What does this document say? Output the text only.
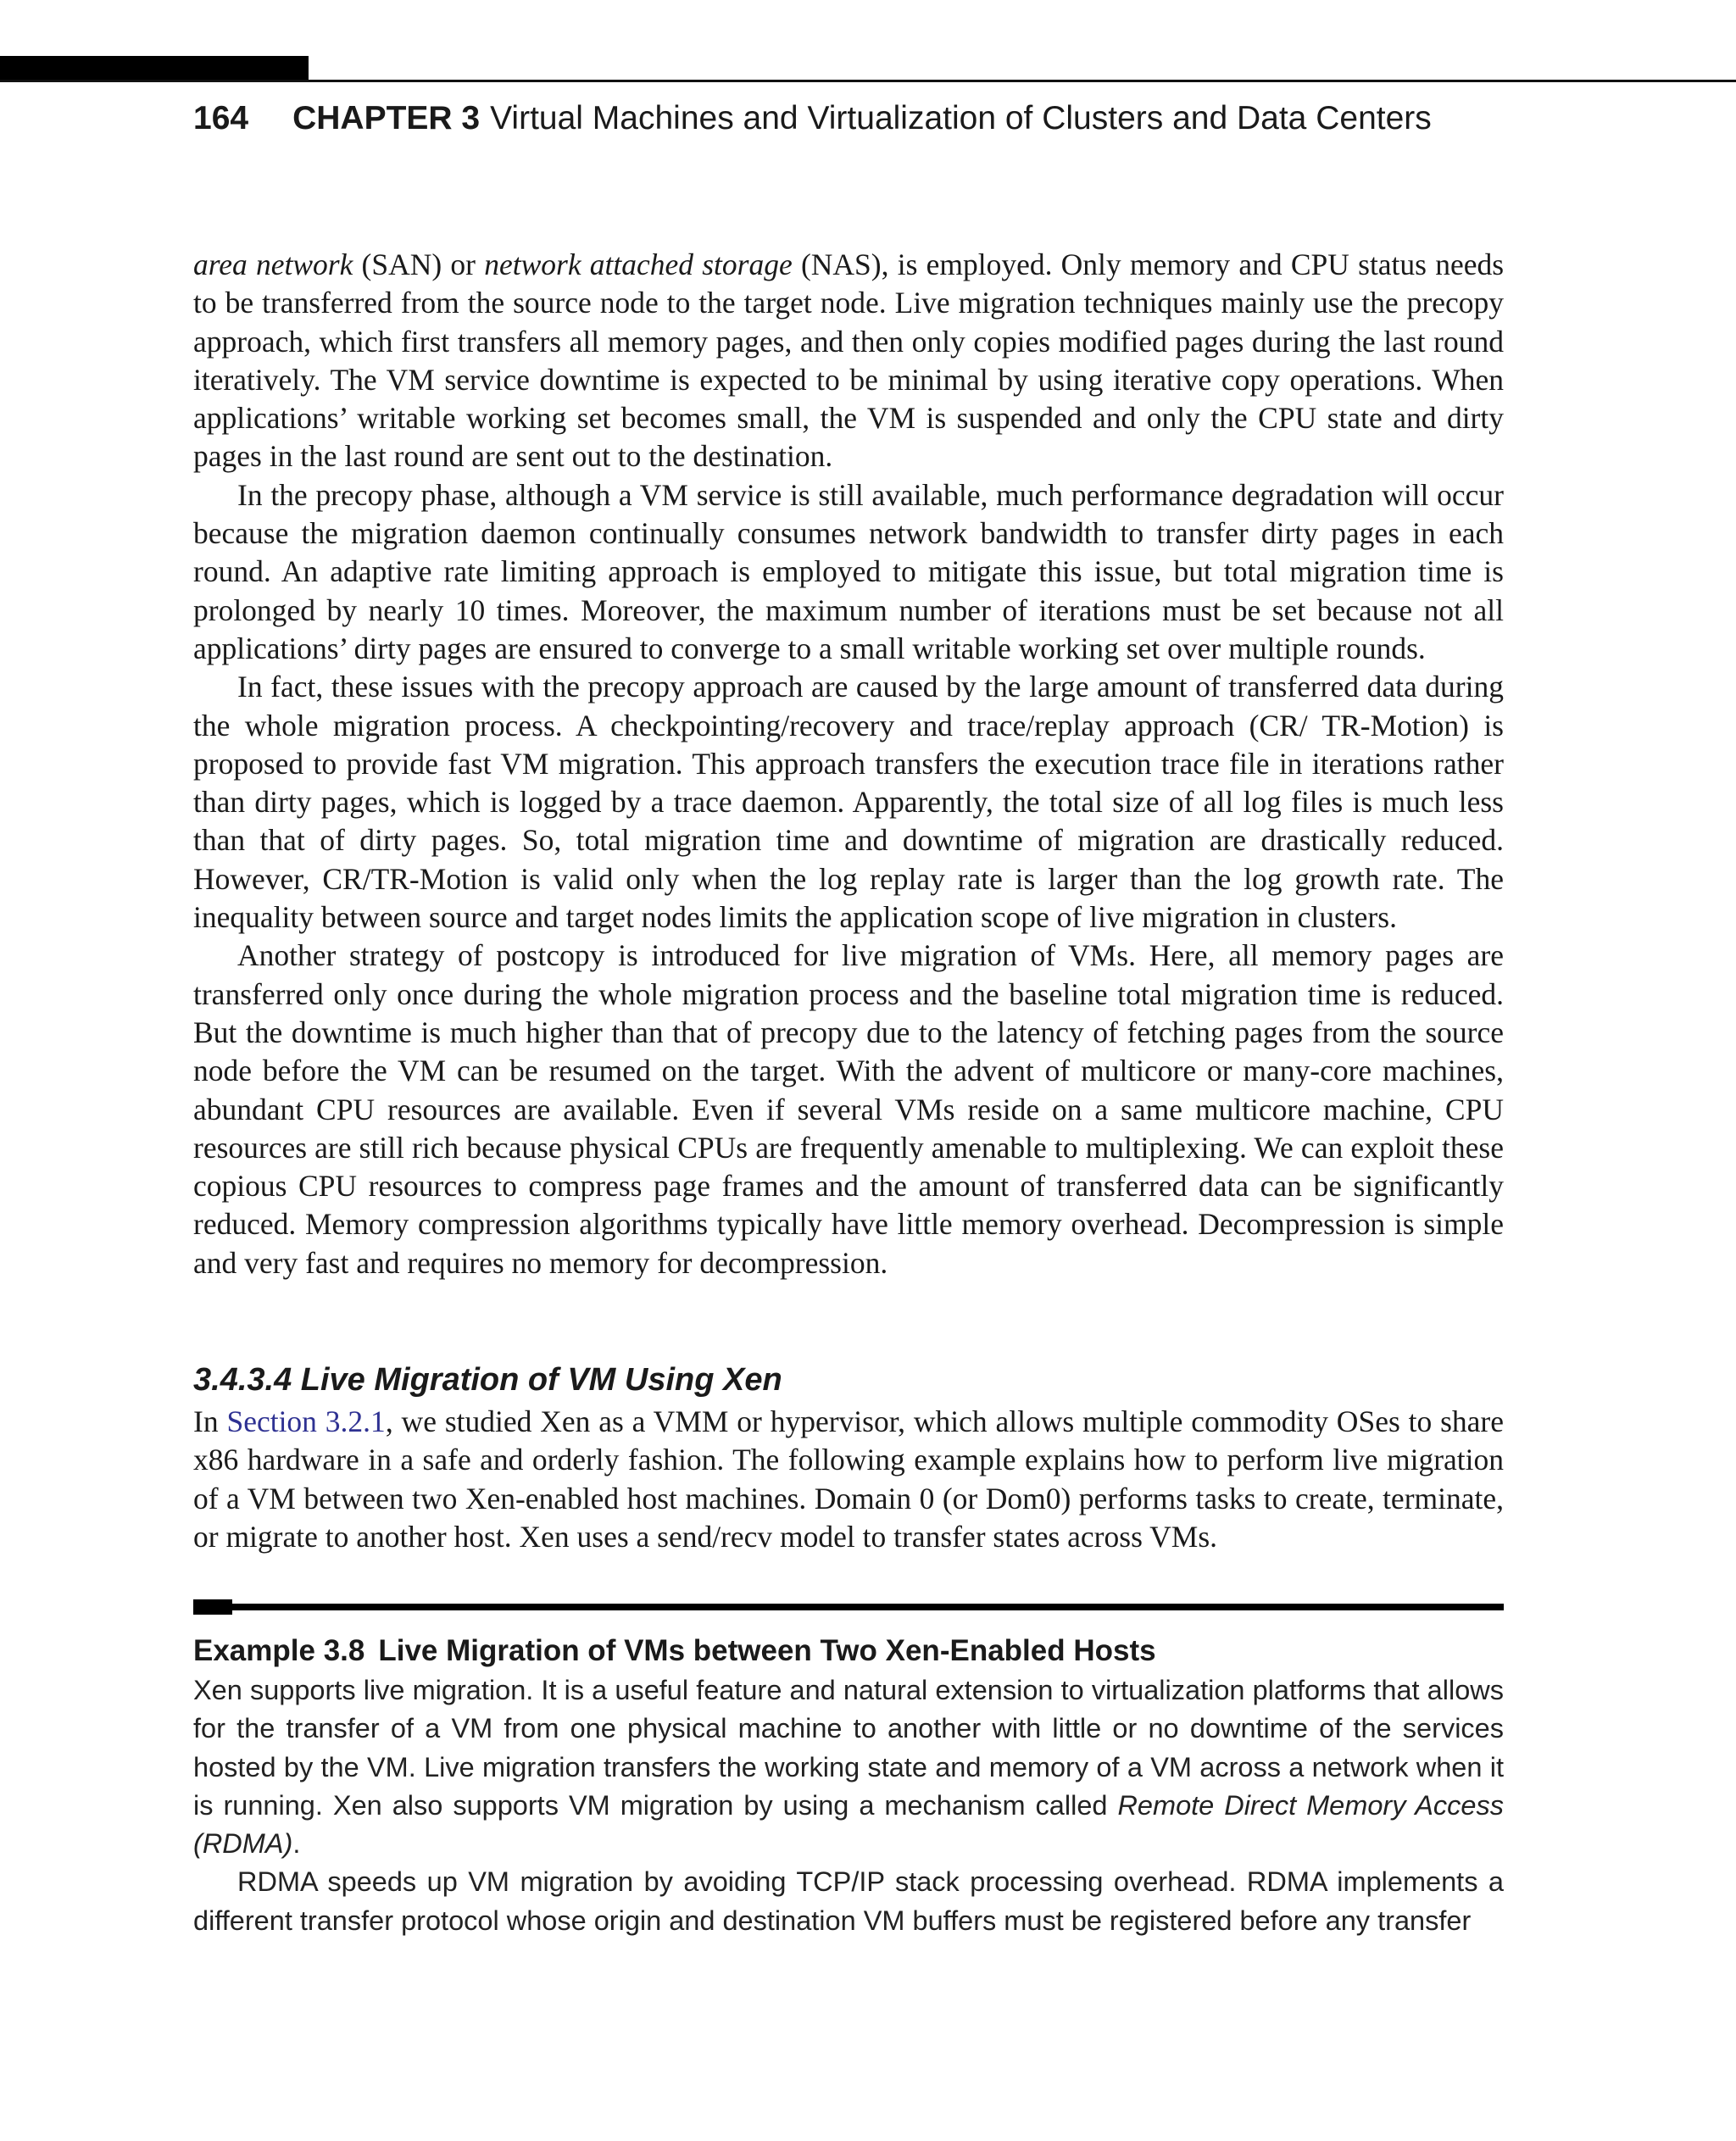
164 CHAPTER 3 Virtual Machines and Virtualization of Clusters and Data Centers

area network (SAN) or network attached storage (NAS), is employed. Only memory and CPU status needs to be transferred from the source node to the target node. Live migration techniques mainly use the precopy approach, which first transfers all memory pages, and then only copies modified pages during the last round iteratively. The VM service downtime is expected to be minimal by using iterative copy operations. When applications’ writable working set becomes small, the VM is suspended and only the CPU state and dirty pages in the last round are sent out to the destination.

In the precopy phase, although a VM service is still available, much performance degradation will occur because the migration daemon continually consumes network bandwidth to transfer dirty pages in each round. An adaptive rate limiting approach is employed to mitigate this issue, but total migration time is prolonged by nearly 10 times. Moreover, the maximum number of iterations must be set because not all applications’ dirty pages are ensured to converge to a small writable working set over multiple rounds.

In fact, these issues with the precopy approach are caused by the large amount of transferred data during the whole migration process. A checkpointing/recovery and trace/replay approach (CR/ TR-Motion) is proposed to provide fast VM migration. This approach transfers the execution trace file in iterations rather than dirty pages, which is logged by a trace daemon. Apparently, the total size of all log files is much less than that of dirty pages. So, total migration time and downtime of migration are drastically reduced. However, CR/TR-Motion is valid only when the log replay rate is larger than the log growth rate. The inequality between source and target nodes limits the application scope of live migration in clusters.

Another strategy of postcopy is introduced for live migration of VMs. Here, all memory pages are transferred only once during the whole migration process and the baseline total migration time is reduced. But the downtime is much higher than that of precopy due to the latency of fetching pages from the source node before the VM can be resumed on the target. With the advent of multicore or many-core machines, abundant CPU resources are available. Even if several VMs reside on a same multicore machine, CPU resources are still rich because physical CPUs are frequently amenable to multiplexing. We can exploit these copious CPU resources to compress page frames and the amount of transferred data can be significantly reduced. Memory compression algorithms typically have little memory overhead. Decompression is simple and very fast and requires no memory for decompression.

3.4.3.4 Live Migration of VM Using Xen

In Section 3.2.1, we studied Xen as a VMM or hypervisor, which allows multiple commodity OSes to share x86 hardware in a safe and orderly fashion. The following example explains how to perform live migration of a VM between two Xen-enabled host machines. Domain 0 (or Dom0) performs tasks to create, terminate, or migrate to another host. Xen uses a send/recv model to transfer states across VMs.

Example 3.8 Live Migration of VMs between Two Xen-Enabled Hosts

Xen supports live migration. It is a useful feature and natural extension to virtualization platforms that allows for the transfer of a VM from one physical machine to another with little or no downtime of the services hosted by the VM. Live migration transfers the working state and memory of a VM across a network when it is running. Xen also supports VM migration by using a mechanism called Remote Direct Memory Access (RDMA).

RDMA speeds up VM migration by avoiding TCP/IP stack processing overhead. RDMA implements a different transfer protocol whose origin and destination VM buffers must be registered before any transfer
